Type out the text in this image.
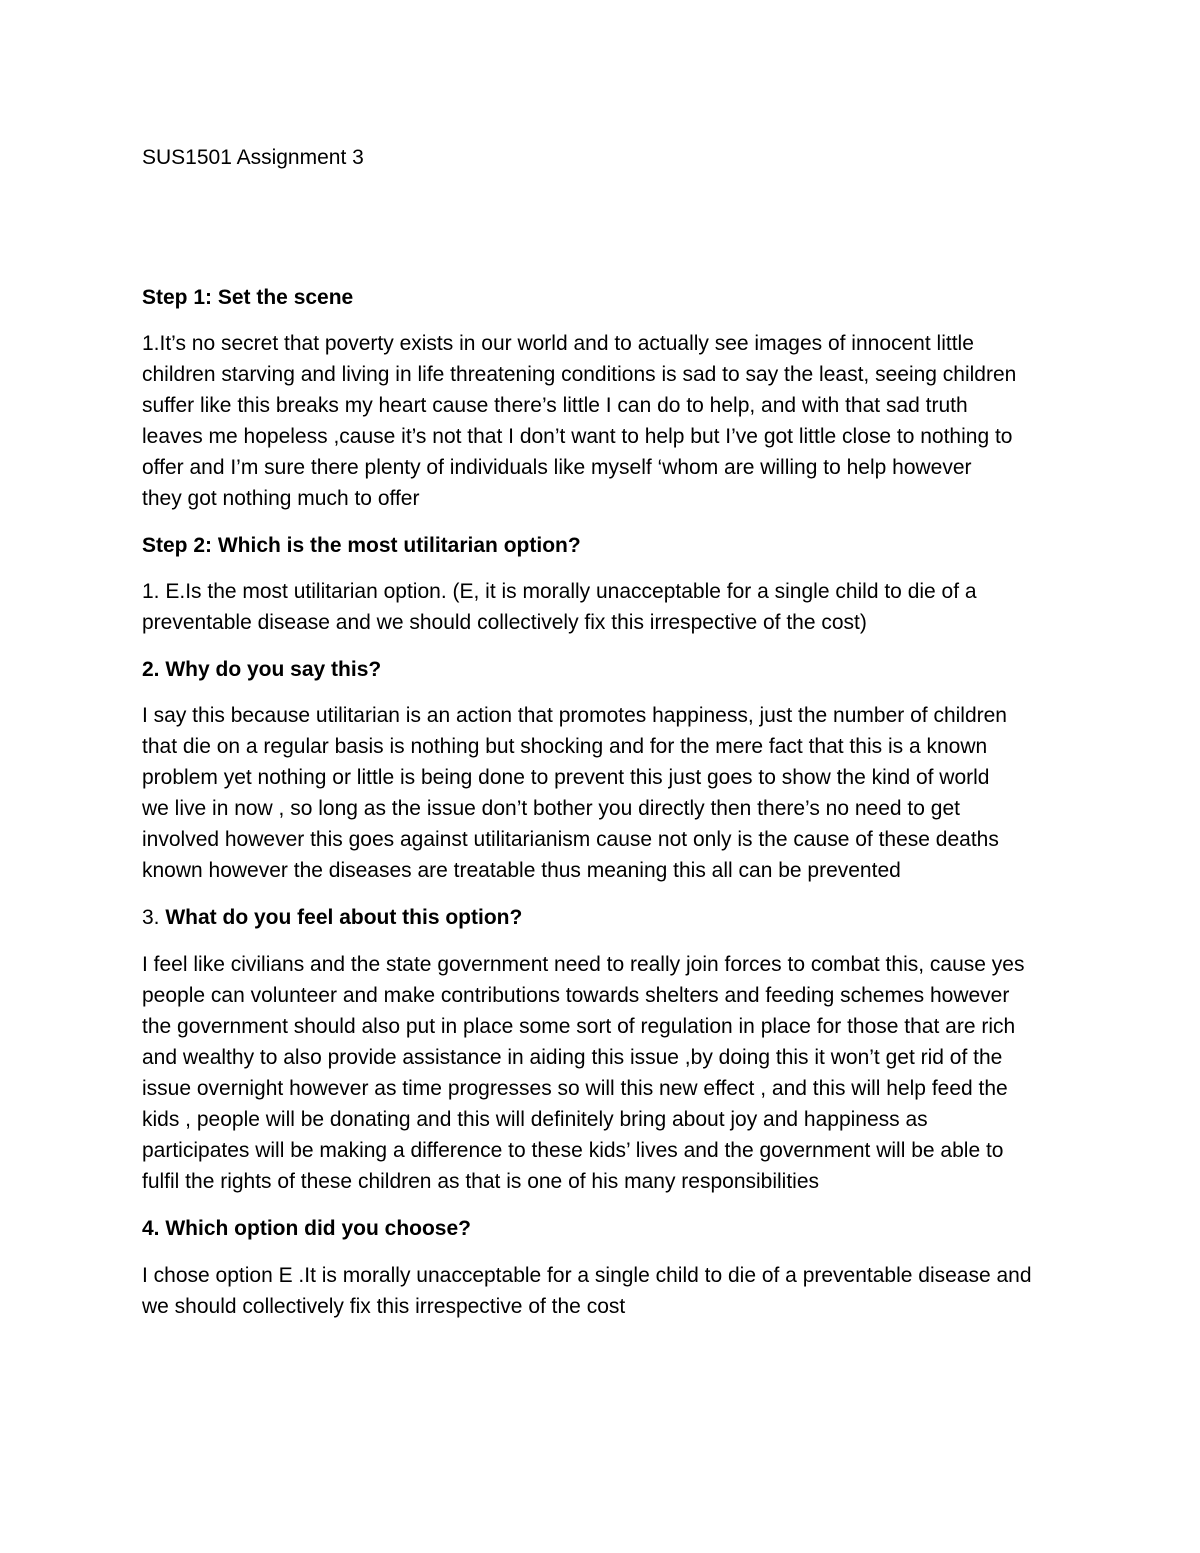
SUS1501 Assignment 3
Step 1: Set the scene
1.It’s no secret that poverty exists in our world and to actually see images of innocent little
children starving and living in life threatening conditions is sad to say the least, seeing children
suffer like this breaks my heart cause there’s little I can do to help, and with that sad truth
leaves me hopeless ,cause it’s not that I don’t want to help but I’ve got little close to nothing to
offer and I’m sure there plenty of individuals like myself ‘whom are willing to help however
they got nothing much to offer
Step 2: Which is the most utilitarian option?
1. E.Is the most utilitarian option. (E, it is morally unacceptable for a single child to die of a
preventable disease and we should collectively fix this irrespective of the cost)
2. Why do you say this?
I say this because utilitarian is an action that promotes happiness, just the number of children
that die on a regular basis is nothing but shocking and for the mere fact that this is a known
problem yet nothing or little is being done to prevent this just goes to show the kind of world
we live in now , so long as the issue don’t bother you directly then there’s no need to get
involved however this goes against utilitarianism cause not only is the cause of these deaths
known however the diseases are treatable thus meaning this all can be prevented
3. What do you feel about this option?
I feel like civilians and the state government need to really join forces to combat this, cause yes
people can volunteer and make contributions towards shelters and feeding schemes however
the government should also put in place some sort of regulation in place for those that are rich
and wealthy to also provide assistance in aiding this issue ,by doing this it won’t get rid of the
issue overnight however as time progresses so will this new effect , and this will help feed the
kids , people will be donating and this will definitely bring about joy and happiness as
participates will be making a difference to these kids’ lives and the government will be able to
fulfil the rights of these children as that is one of his many responsibilities
4. Which option did you choose?
I chose option E .It is morally unacceptable for a single child to die of a preventable disease and
we should collectively fix this irrespective of the cost
